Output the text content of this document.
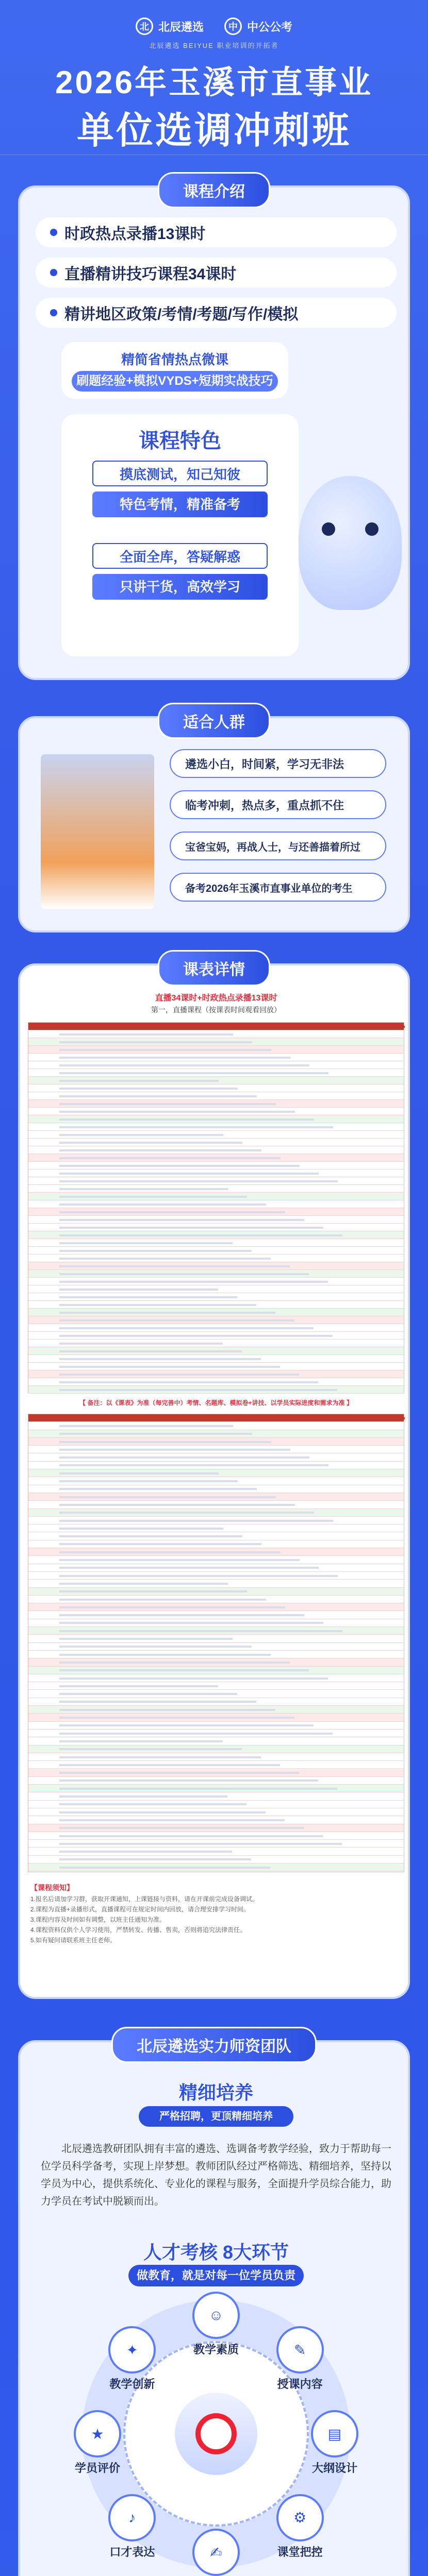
北 北辰遴选	中 中公公考
北辰遴选 BEIYUE 职业培训的开拓者
2026年玉溪市直事业
单位选调冲刺班
课程介绍
时政热点录播13课时
直播精讲技巧课程34课时
精讲地区政策/考情/考题/写作/模拟
精简省情热点微课
刷题经验+模拟VYDS+短期实战技巧
课程特色
摸底测试，知己知彼
特色考情，精准备考
全面全库，答疑解惑
只讲干货，高效学习
适合人群
遴选小白，时间紧，学习无非法
临考冲刺，热点多，重点抓不住
宝爸宝妈，再战人士，与还善描着所过
备考2026年玉溪市直事业单位的考生
课表详情
直播34课时+时政热点录播13课时
第一，直播课程（按课表时间观看回放）
【 备注：以《课表》为准（每完善中）考情、名题库、模拟卷+讲技、以学员实际进度和需求为准 】
【课程须知】
1.报名后请加学习群，获取开课通知，上课链接与资料，请在开课前完成设备调试。
2.课程为直播+录播形式，直播课程可在规定时间内回放，请合理安排学习时间。
3.课程内容及时间如有调整，以班主任通知为准。
4.课程资料仅供个人学习使用，严禁转发、传播、售卖，否则将追究法律责任。
5.如有疑问请联系班主任老师。
北辰遴选实力师资团队
精细培养
严格招聘，更顶精细培养
北辰遴选教研团队拥有丰富的遴选、选调备考教学经验，致力于帮助每一位学员科学备考，实现上岸梦想。教师团队经过严格筛选、精细培养，坚持以学员为中心，提供系统化、专业化的课程与服务，全面提升学员综合能力，助力学员在考试中脱颖而出。
人才考核 8大环节
做教育，就是对每一位学员负责
☺
教学素质	✎
授课内容
▤
大纲设计
⚙
课堂把控
✍
♪
口才表达
★
学员评价
✦
教学创新
